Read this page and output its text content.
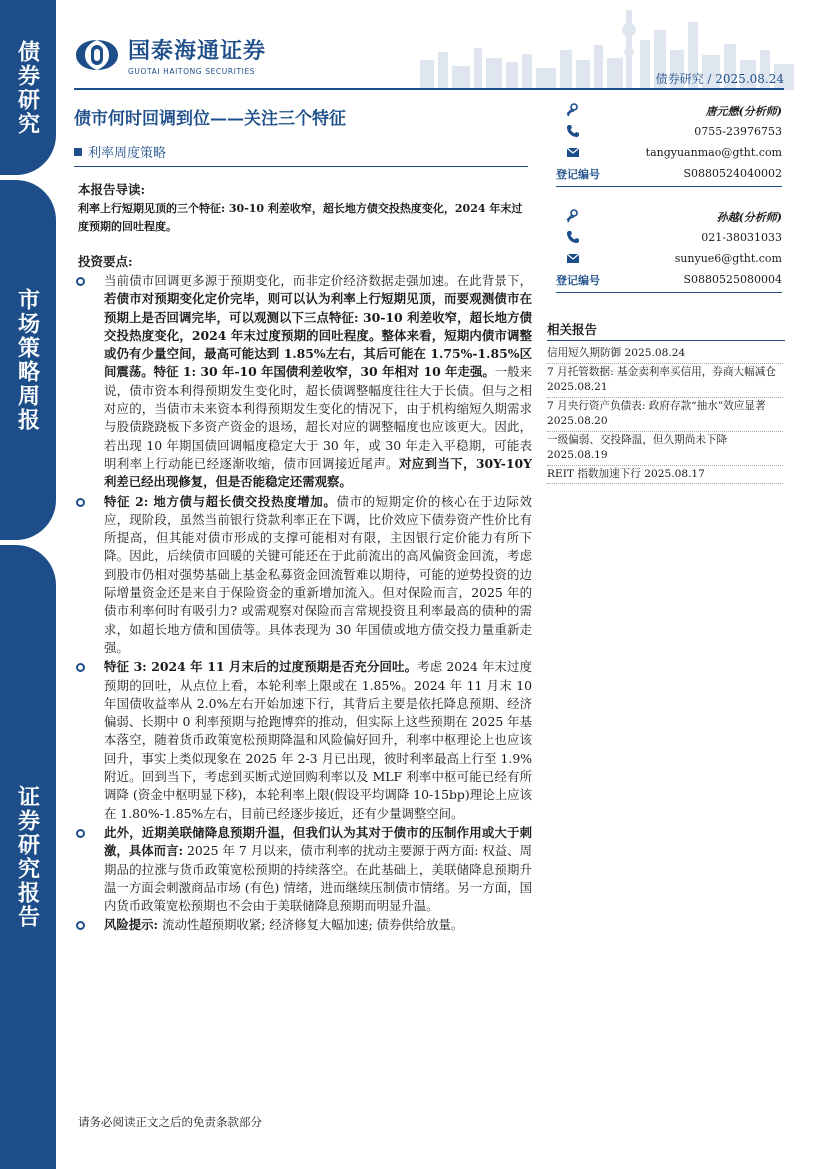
债券研究
市场策略周报
证券研究报告
国泰海通证券
GUOTAI HAITONG SECURITIES
债券研究 / 2025.08.24
债市何时回调到位——关注三个特征
利率周度策略
本报告导读:
利率上行短期见顶的三个特征: 30-10 利差收窄，超长地方债交投热度变化，2024 年末过度预期的回吐程度。
投资要点:
当前债市回调更多源于预期变化，而非定价经济数据走强加速。在此背景下，若债市对预期变化定价完毕，则可以认为利率上行短期见顶，而要观测债市在预期上是否回调完毕，可以观测以下三点特征: 30-10 利差收窄，超长地方债交投热度变化，2024 年末过度预期的回吐程度。整体来看，短期内债市调整或仍有少量空间，最高可能达到 1.85%左右，其后可能在 1.75%-1.85%区间震荡。特征 1: 30 年-10 年国债利差收窄，30 年相对 10 年走强。一般来说，债市资本利得预期发生变化时，超长债调整幅度往往大于长债。但与之相对应的，当债市未来资本利得预期发生变化的情况下，由于机构缩短久期需求与股债跷跷板下多资产资金的退场，超长对应的调整幅度也应该更大。因此，若出现 10 年期国债回调幅度稳定大于 30 年，或 30 年走入平稳期，可能表明利率上行动能已经逐渐收缩，债市回调接近尾声。对应到当下，30Y-10Y 利差已经出现修复，但是否能稳定还需观察。
特征 2: 地方债与超长债交投热度增加。债市的短期定价的核心在于边际效应，现阶段，虽然当前银行贷款利率正在下调，比价效应下债券资产性价比有所提高，但其能对债市形成的支撑可能相对有限，主因银行定价能力有所下降。因此，后续债市回暖的关键可能还在于此前流出的高风偏资金回流，考虑到股市仍相对强势基础上基金私募资金回流暂难以期待，可能的逆势投资的边际增量资金还是来自于保险资金的重新增加流入。但对保险而言，2025 年的债市利率何时有吸引力? 或需观察对保险而言常规投资且利率最高的债种的需求，如超长地方债和国债等。具体表现为 30 年国债或地方债交投力量重新走强。
特征 3: 2024 年 11 月末后的过度预期是否充分回吐。考虑 2024 年末过度预期的回吐，从点位上看，本轮利率上限或在 1.85%。2024 年 11 月末 10 年国债收益率从 2.0%左右开始加速下行，其背后主要是依托降息预期、经济偏弱、长期中 0 利率预期与抢跑博弈的推动，但实际上这些预期在 2025 年基本落空，随着货币政策宽松预期降温和风险偏好回升，利率中枢理论上也应该回升，事实上类似现象在 2025 年 2-3 月已出现，彼时利率最高上行至 1.9%附近。回到当下，考虑到买断式逆回购利率以及 MLF 利率中枢可能已经有所调降 (资金中枢明显下移)，本轮利率上限(假设平均调降 10-15bp)理论上应该在 1.80%-1.85%左右，目前已经逐步接近，还有少量调整空间。
此外，近期美联储降息预期升温，但我们认为其对于债市的压制作用或大于刺激，具体而言: 2025 年 7 月以来，债市利率的扰动主要源于两方面: 权益、周期品的拉涨与货币政策宽松预期的持续落空。在此基础上，美联储降息预期升温一方面会刺激商品市场 (有色) 情绪，进而继续压制债市情绪。另一方面，国内货币政策宽松预期也不会由于美联储降息预期而明显升温。
风险提示: 流动性超预期收紧; 经济修复大幅加速; 债券供给放量。
唐元懋(分析师)
0755-23976753
tangyuanmao@gtht.com
登记编号	S0880524040002
孙越(分析师)
021-38031033
sunyue6@gtht.com
登记编号	S0880525080004
相关报告
信用短久期防御 2025.08.24
7 月托管数据: 基金卖利率买信用，券商大幅减仓 2025.08.21
7 月央行资产负债表: 政府存款“抽水”效应显著 2025.08.20
一级偏弱、交投降温，但久期尚未下降 2025.08.19
REIT 指数加速下行 2025.08.17
请务必阅读正文之后的免责条款部分
